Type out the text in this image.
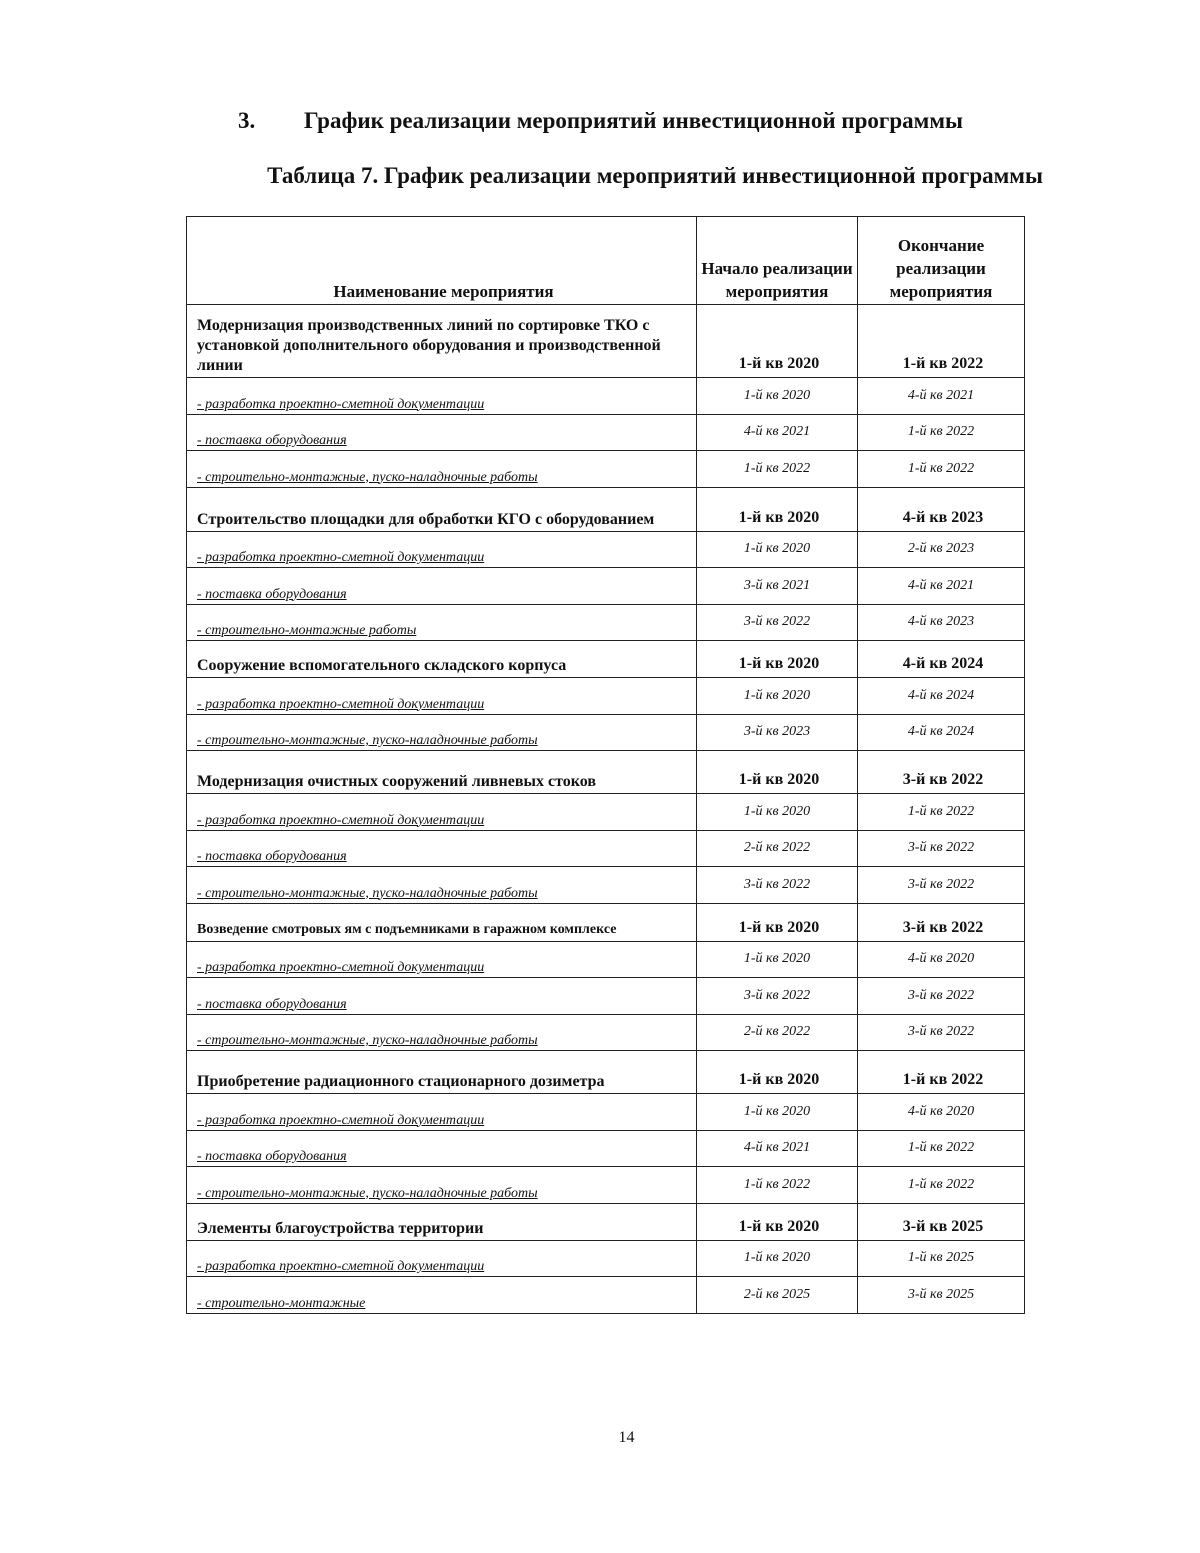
3. График реализации мероприятий инвестиционной программы
Таблица 7. График реализации мероприятий инвестиционной программы
Наименование мероприятия	Начало реализации мероприятия	Окончание реализации мероприятия
Модернизация производственных линий по сортировке ТКО с установкой дополнительного оборудования и производственной линии	1-й кв 2020	1-й кв 2022
- разработка проектно-сметной документации	1-й кв 2020	4-й кв 2021
- поставка оборудования	4-й кв 2021	1-й кв 2022
- строительно-монтажные, пуско-наладночные работы	1-й кв 2022	1-й кв 2022
Строительство площадки для обработки КГО с оборудованием	1-й кв 2020	4-й кв 2023
- разработка проектно-сметной документации	1-й кв 2020	2-й кв 2023
- поставка оборудования	3-й кв 2021	4-й кв 2021
- строительно-монтажные работы	3-й кв 2022	4-й кв 2023
Сооружение вспомогательного складского корпуса	1-й кв 2020	4-й кв 2024
- разработка проектно-сметной документации	1-й кв 2020	4-й кв 2024
- строительно-монтажные, пуско-наладночные работы	3-й кв 2023	4-й кв 2024
Модернизация очистных сооружений ливневых стоков	1-й кв 2020	3-й кв 2022
- разработка проектно-сметной документации	1-й кв 2020	1-й кв 2022
- поставка оборудования	2-й кв 2022	3-й кв 2022
- строительно-монтажные, пуско-наладночные работы	3-й кв 2022	3-й кв 2022
Возведение смотровых ям с подъемниками в гаражном комплексе	1-й кв 2020	3-й кв 2022
- разработка проектно-сметной документации	1-й кв 2020	4-й кв 2020
- поставка оборудования	3-й кв 2022	3-й кв 2022
- строительно-монтажные, пуско-наладночные работы	2-й кв 2022	3-й кв 2022
Приобретение радиационного стационарного дозиметра	1-й кв 2020	1-й кв 2022
- разработка проектно-сметной документации	1-й кв 2020	4-й кв 2020
- поставка оборудования	4-й кв 2021	1-й кв 2022
- строительно-монтажные, пуско-наладночные работы	1-й кв 2022	1-й кв 2022
Элементы благоустройства территории	1-й кв 2020	3-й кв 2025
- разработка проектно-сметной документации	1-й кв 2020	1-й кв 2025
- строительно-монтажные	2-й кв 2025	3-й кв 2025
14
